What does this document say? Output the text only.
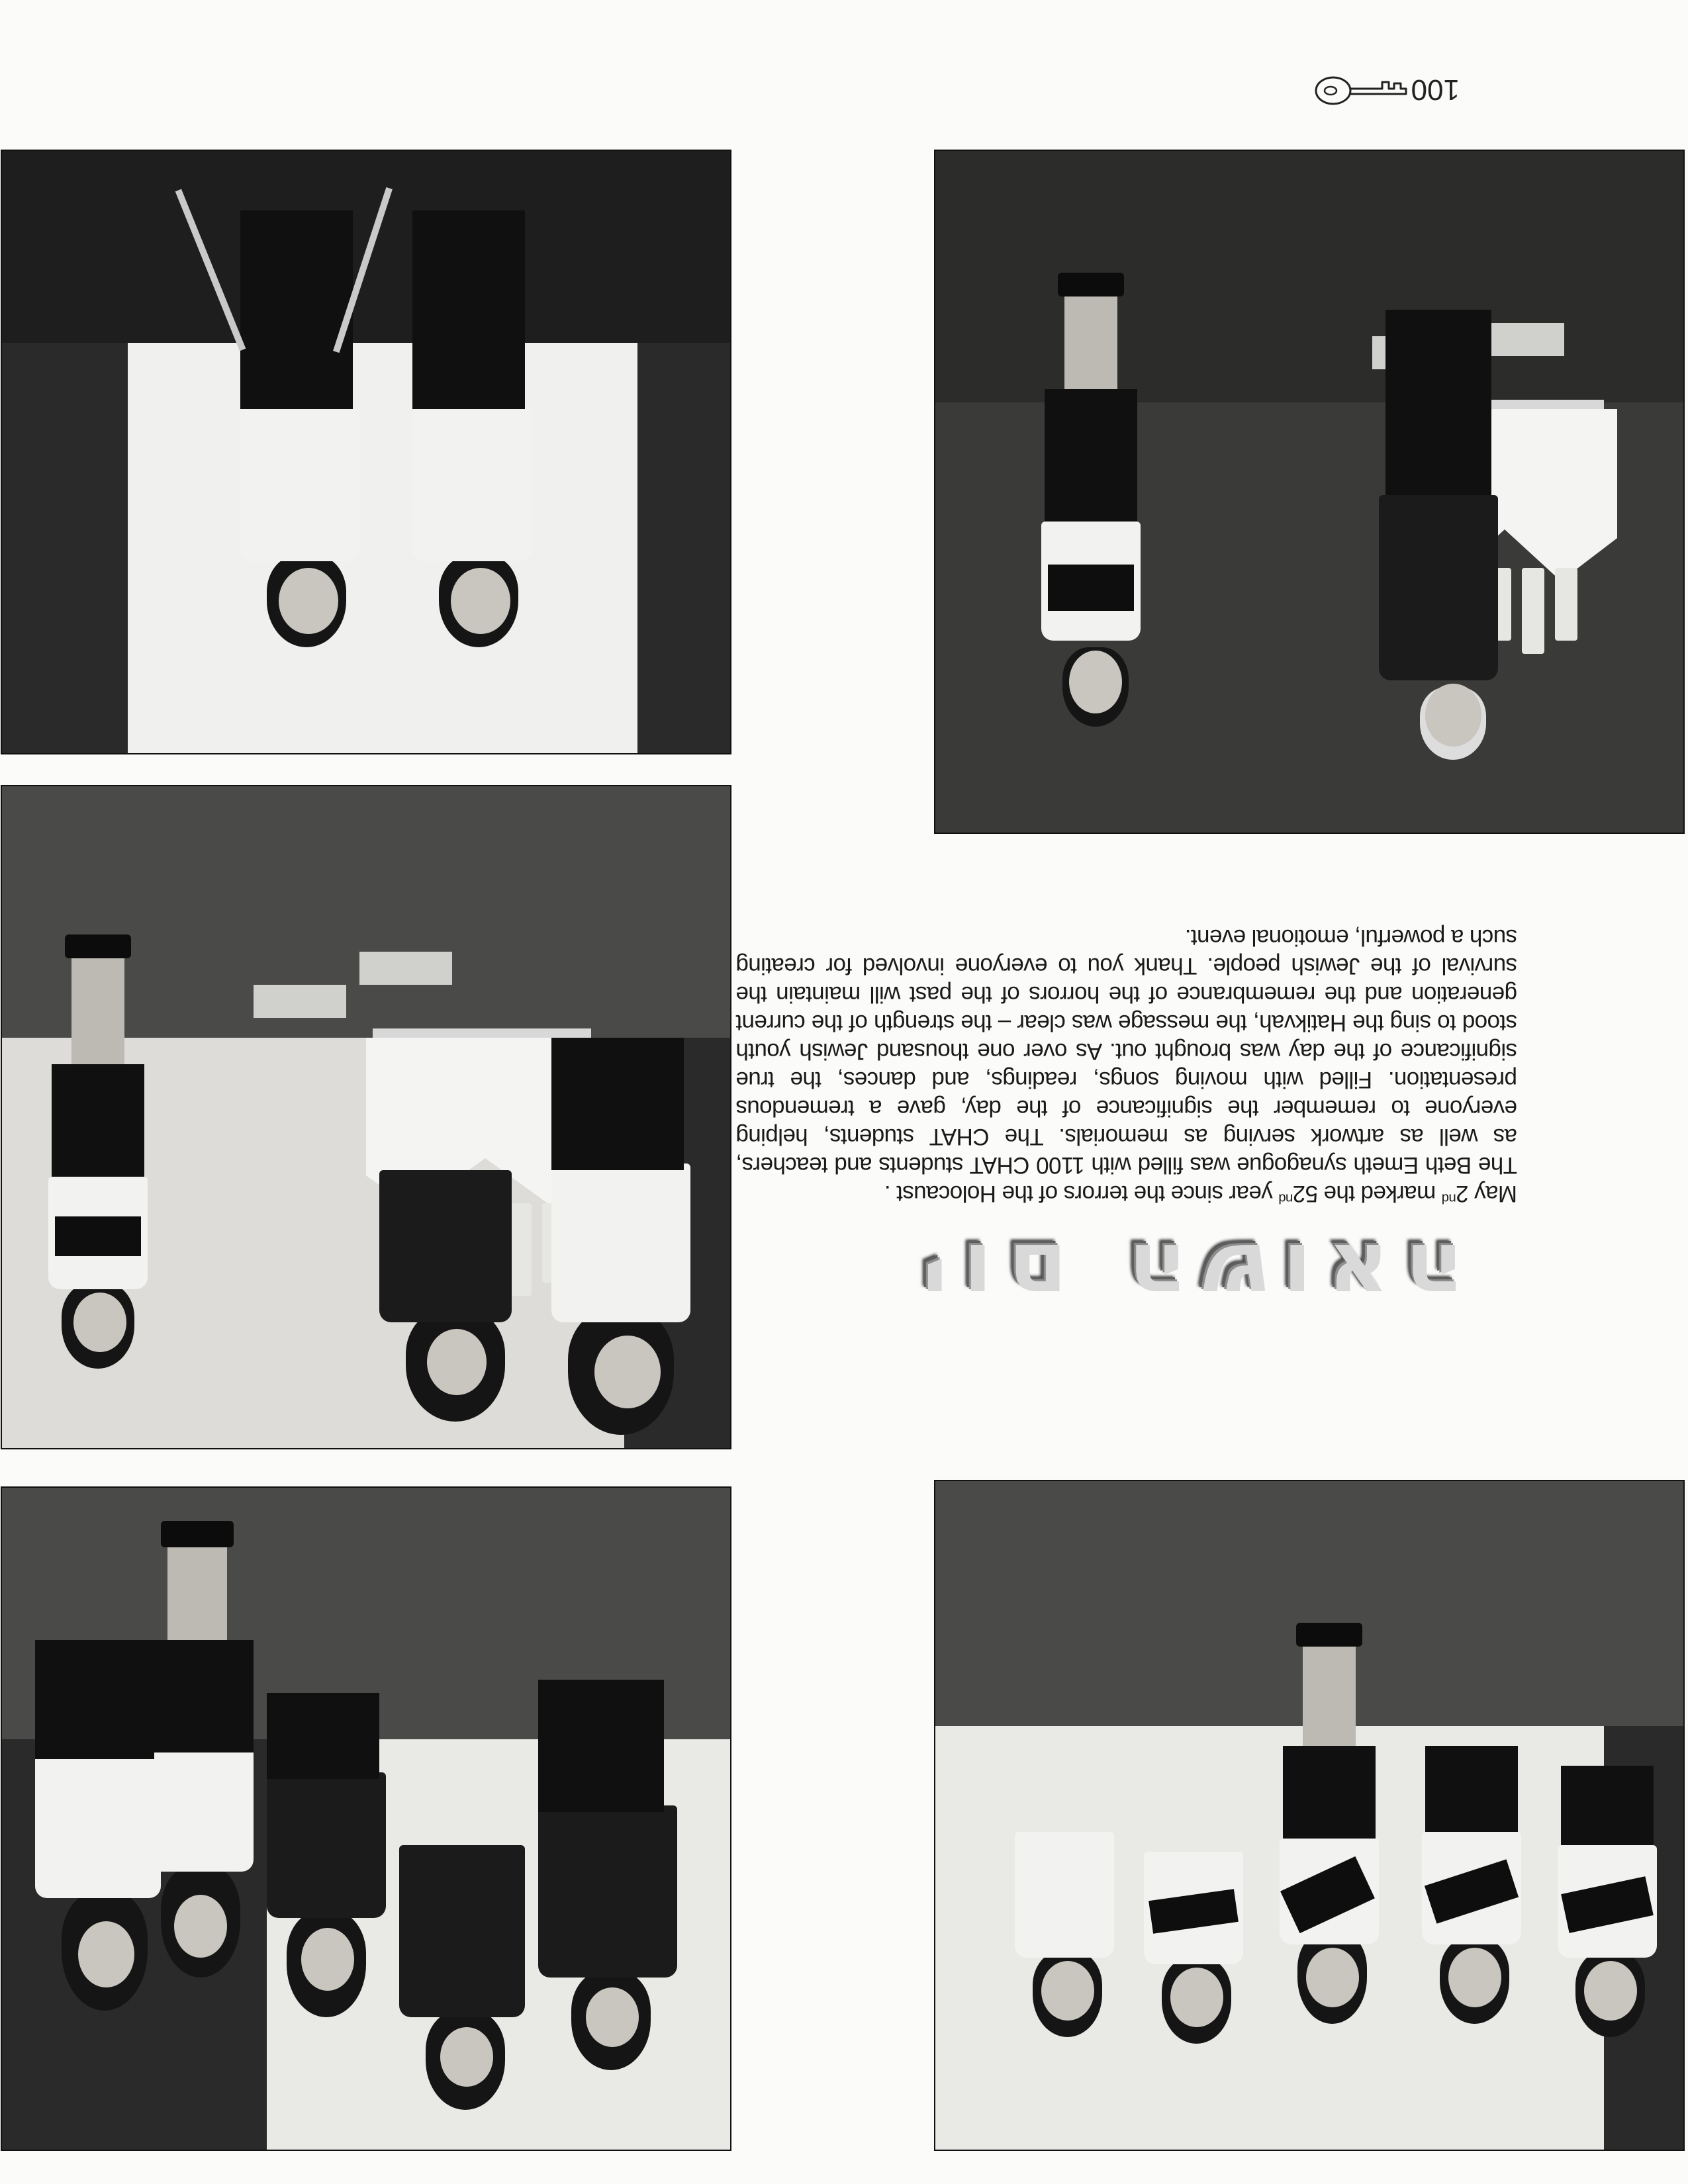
יום השואה

May 2nd marked the 52nd year since the terrors of the Holocaust .

The Beth Emeth synagogue was filled with 1100 CHAT students and teachers, as well as artwork serving as memorials. The CHAT students, helping everyone to remember the significance of the day, gave a tremendous presentation. Filled with moving songs, readings, and dances, the true significance of the day was brought out. As over one thousand Jewish youth stood to sing the Hatikvah, the message was clear – the strength of the current generation and the remembrance of the horrors of the past will maintain the survival of the Jewish people. Thank you to everyone involved for creating such a powerful, emotional event.

100
